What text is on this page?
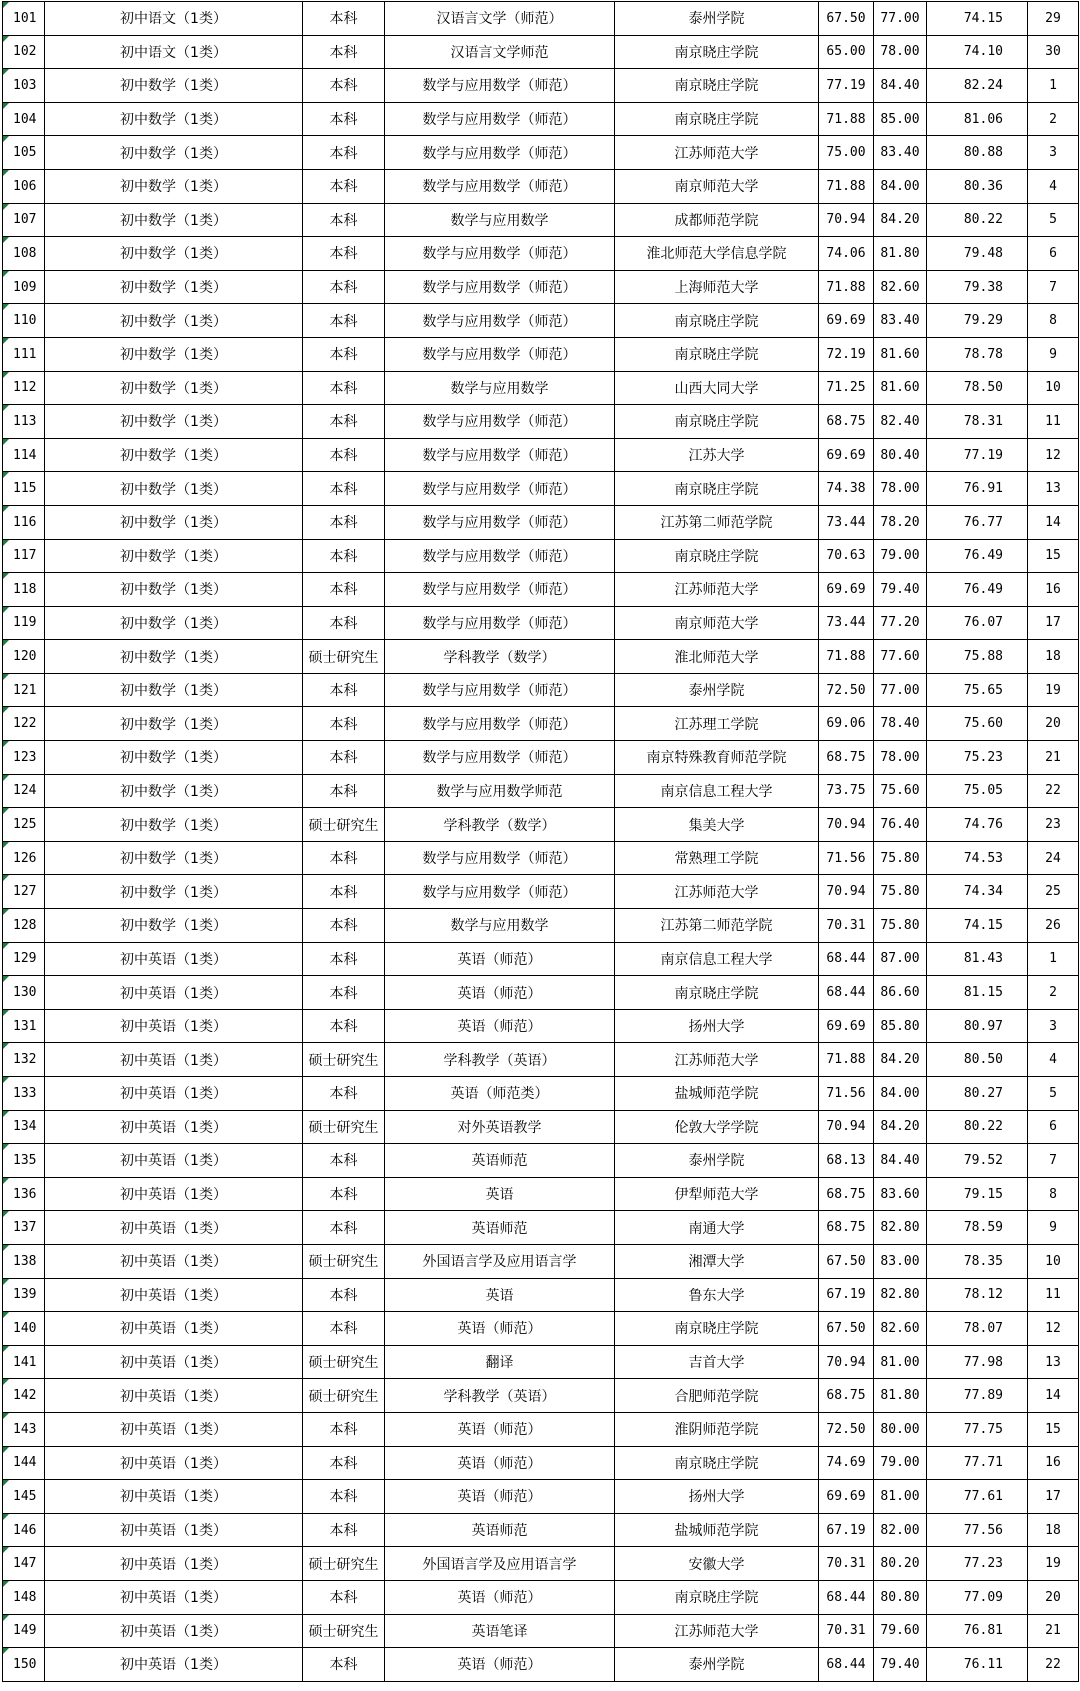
101	初中语文（1类）	本科	汉语言文学（师范）	泰州学院	67.50	77.00	74.15	29
102	初中语文（1类）	本科	汉语言文学师范	南京晓庄学院	65.00	78.00	74.10	30
103	初中数学（1类）	本科	数学与应用数学（师范）	南京晓庄学院	77.19	84.40	82.24	1
104	初中数学（1类）	本科	数学与应用数学（师范）	南京晓庄学院	71.88	85.00	81.06	2
105	初中数学（1类）	本科	数学与应用数学（师范）	江苏师范大学	75.00	83.40	80.88	3
106	初中数学（1类）	本科	数学与应用数学（师范）	南京师范大学	71.88	84.00	80.36	4
107	初中数学（1类）	本科	数学与应用数学	成都师范学院	70.94	84.20	80.22	5
108	初中数学（1类）	本科	数学与应用数学（师范）	淮北师范大学信息学院	74.06	81.80	79.48	6
109	初中数学（1类）	本科	数学与应用数学（师范）	上海师范大学	71.88	82.60	79.38	7
110	初中数学（1类）	本科	数学与应用数学（师范）	南京晓庄学院	69.69	83.40	79.29	8
111	初中数学（1类）	本科	数学与应用数学（师范）	南京晓庄学院	72.19	81.60	78.78	9
112	初中数学（1类）	本科	数学与应用数学	山西大同大学	71.25	81.60	78.50	10
113	初中数学（1类）	本科	数学与应用数学（师范）	南京晓庄学院	68.75	82.40	78.31	11
114	初中数学（1类）	本科	数学与应用数学（师范）	江苏大学	69.69	80.40	77.19	12
115	初中数学（1类）	本科	数学与应用数学（师范）	南京晓庄学院	74.38	78.00	76.91	13
116	初中数学（1类）	本科	数学与应用数学（师范）	江苏第二师范学院	73.44	78.20	76.77	14
117	初中数学（1类）	本科	数学与应用数学（师范）	南京晓庄学院	70.63	79.00	76.49	15
118	初中数学（1类）	本科	数学与应用数学（师范）	江苏师范大学	69.69	79.40	76.49	16
119	初中数学（1类）	本科	数学与应用数学（师范）	南京师范大学	73.44	77.20	76.07	17
120	初中数学（1类）	硕士研究生	学科教学（数学）	淮北师范大学	71.88	77.60	75.88	18
121	初中数学（1类）	本科	数学与应用数学（师范）	泰州学院	72.50	77.00	75.65	19
122	初中数学（1类）	本科	数学与应用数学（师范）	江苏理工学院	69.06	78.40	75.60	20
123	初中数学（1类）	本科	数学与应用数学（师范）	南京特殊教育师范学院	68.75	78.00	75.23	21
124	初中数学（1类）	本科	数学与应用数学师范	南京信息工程大学	73.75	75.60	75.05	22
125	初中数学（1类）	硕士研究生	学科教学（数学）	集美大学	70.94	76.40	74.76	23
126	初中数学（1类）	本科	数学与应用数学（师范）	常熟理工学院	71.56	75.80	74.53	24
127	初中数学（1类）	本科	数学与应用数学（师范）	江苏师范大学	70.94	75.80	74.34	25
128	初中数学（1类）	本科	数学与应用数学	江苏第二师范学院	70.31	75.80	74.15	26
129	初中英语（1类）	本科	英语（师范）	南京信息工程大学	68.44	87.00	81.43	1
130	初中英语（1类）	本科	英语（师范）	南京晓庄学院	68.44	86.60	81.15	2
131	初中英语（1类）	本科	英语（师范）	扬州大学	69.69	85.80	80.97	3
132	初中英语（1类）	硕士研究生	学科教学（英语）	江苏师范大学	71.88	84.20	80.50	4
133	初中英语（1类）	本科	英语（师范类）	盐城师范学院	71.56	84.00	80.27	5
134	初中英语（1类）	硕士研究生	对外英语教学	伦敦大学学院	70.94	84.20	80.22	6
135	初中英语（1类）	本科	英语师范	泰州学院	68.13	84.40	79.52	7
136	初中英语（1类）	本科	英语	伊犁师范大学	68.75	83.60	79.15	8
137	初中英语（1类）	本科	英语师范	南通大学	68.75	82.80	78.59	9
138	初中英语（1类）	硕士研究生	外国语言学及应用语言学	湘潭大学	67.50	83.00	78.35	10
139	初中英语（1类）	本科	英语	鲁东大学	67.19	82.80	78.12	11
140	初中英语（1类）	本科	英语（师范）	南京晓庄学院	67.50	82.60	78.07	12
141	初中英语（1类）	硕士研究生	翻译	吉首大学	70.94	81.00	77.98	13
142	初中英语（1类）	硕士研究生	学科教学（英语）	合肥师范学院	68.75	81.80	77.89	14
143	初中英语（1类）	本科	英语（师范）	淮阴师范学院	72.50	80.00	77.75	15
144	初中英语（1类）	本科	英语（师范）	南京晓庄学院	74.69	79.00	77.71	16
145	初中英语（1类）	本科	英语（师范）	扬州大学	69.69	81.00	77.61	17
146	初中英语（1类）	本科	英语师范	盐城师范学院	67.19	82.00	77.56	18
147	初中英语（1类）	硕士研究生	外国语言学及应用语言学	安徽大学	70.31	80.20	77.23	19
148	初中英语（1类）	本科	英语（师范）	南京晓庄学院	68.44	80.80	77.09	20
149	初中英语（1类）	硕士研究生	英语笔译	江苏师范大学	70.31	79.60	76.81	21
150	初中英语（1类）	本科	英语（师范）	泰州学院	68.44	79.40	76.11	22
